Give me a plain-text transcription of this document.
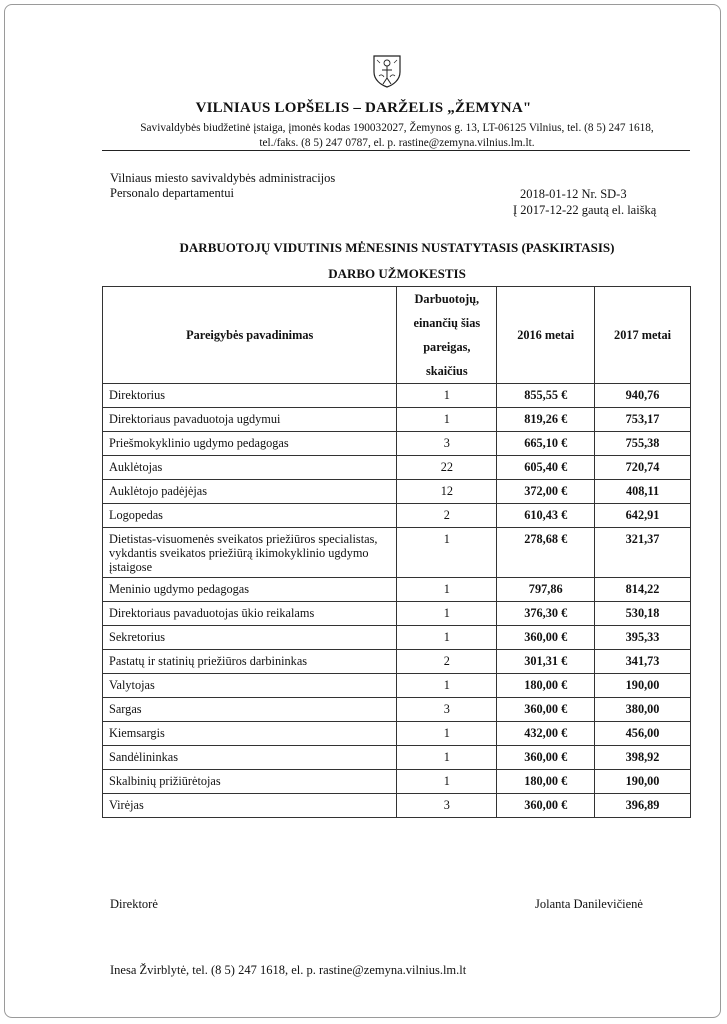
VILNIAUS LOPŠELIS – DARŽELIS „ŽEMYNA"
Savivaldybės biudžetinė įstaiga, įmonės kodas 190032027, Žemynos g. 13, LT-06125 Vilnius, tel. (8 5) 247 1618,
tel./faks. (8 5) 247 0787, el. p. rastine@zemyna.vilnius.lm.lt.
Vilniaus miesto savivaldybės administracijos
Personalo departamentui	2018-01-12 Nr. SD-3
Į 2017-12-22 gautą el. laišką
DARBUOTOJŲ VIDUTINIS MĖNESINIS NUSTATYTASIS (PASKIRTASIS)
DARBO UŽMOKESTIS
Pareigybės pavadinimas	Darbuotojų,
einančių šias
pareigas,
skaičius	2016 metai	2017 metai
Direktorius	1	855,55 €	940,76
Direktoriaus pavaduotoja ugdymui	1	819,26 €	753,17
Priešmokyklinio ugdymo pedagogas	3	665,10 €	755,38
Auklėtojas	22	605,40 €	720,74
Auklėtojo padėjėjas	12	372,00 €	408,11
Logopedas	2	610,43 €	642,91
Dietistas-visuomenės sveikatos priežiūros specialistas, vykdantis sveikatos priežiūrą ikimokyklinio ugdymo įstaigose	1	278,68 €	321,37
Meninio ugdymo pedagogas	1	797,86	814,22
Direktoriaus pavaduotojas ūkio reikalams	1	376,30 €	530,18
Sekretorius	1	360,00 €	395,33
Pastatų ir statinių priežiūros darbininkas	2	301,31 €	341,73
Valytojas	1	180,00 €	190,00
Sargas	3	360,00 €	380,00
Kiemsargis	1	432,00 €	456,00
Sandėlininkas	1	360,00 €	398,92
Skalbinių prižiūrėtojas	1	180,00 €	190,00
Virėjas	3	360,00 €	396,89
Direktorė	Jolanta Danilevičienė
Inesa Žvirblytė, tel. (8 5) 247 1618, el. p. rastine@zemyna.vilnius.lm.lt
